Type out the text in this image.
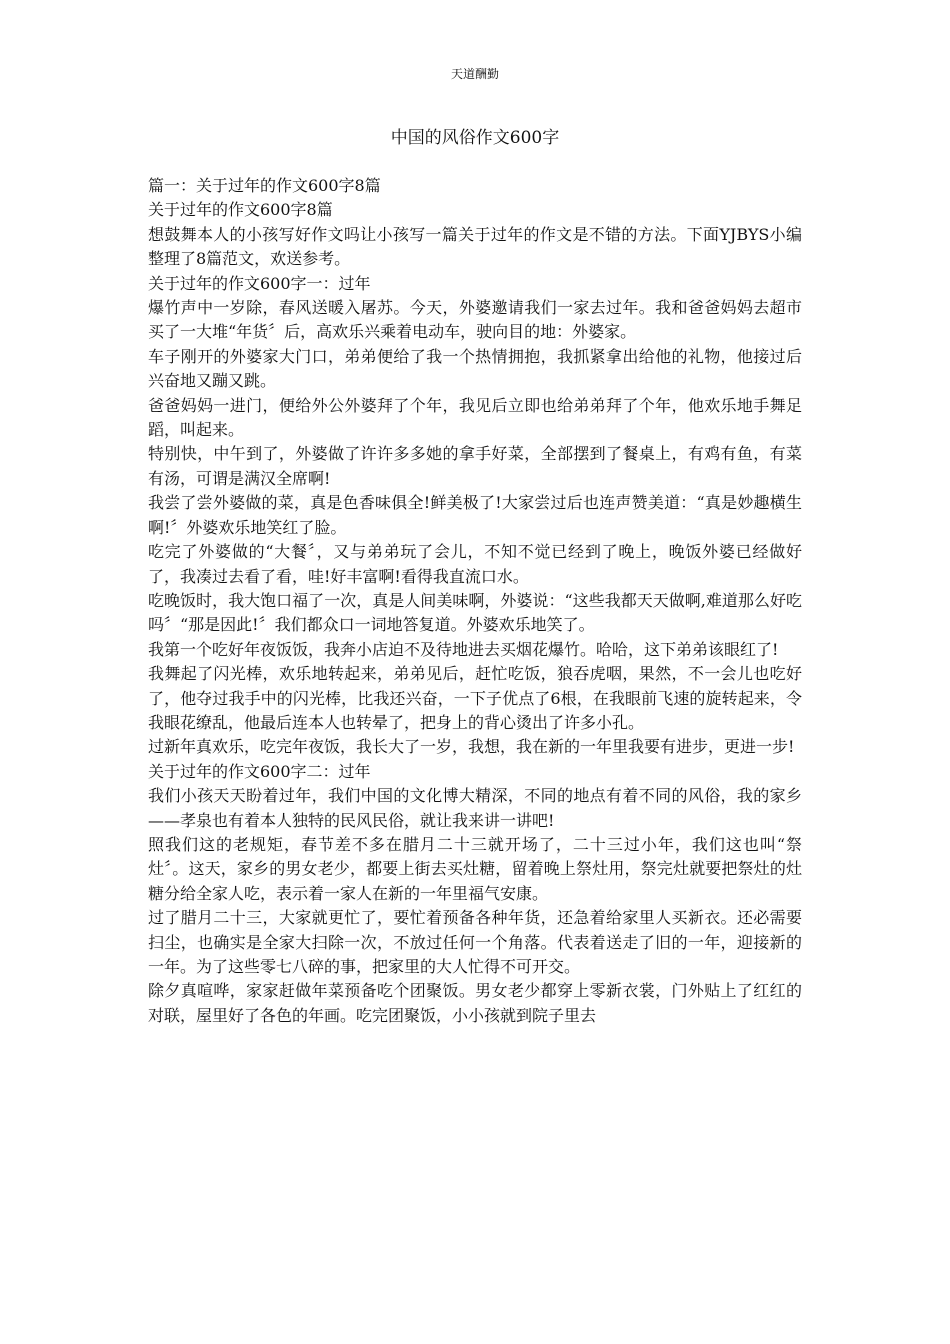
天道酬勤
中国的风俗作文600字

篇一：关于过年的作文600字8篇

关于过年的作文600字8篇

想鼓舞本人的小孩写好作文吗让小孩写一篇关于过年的作文是不错的方法。下面YJBYS小编整理了8篇范文，欢送参考。

关于过年的作文600字一：过年

爆竹声中一岁除，春风送暖入屠苏。今天，外婆邀请我们一家去过年。我和爸爸妈妈去超市买了一大堆“年货〞后，高欢乐兴乘着电动车，驶向目的地：外婆家。

车子刚开的外婆家大门口，弟弟便给了我一个热情拥抱，我抓紧拿出给他的礼物，他接过后兴奋地又蹦又跳。

爸爸妈妈一进门，便给外公外婆拜了个年，我见后立即也给弟弟拜了个年，他欢乐地手舞足蹈，叫起来。

特别快，中午到了，外婆做了许许多多她的拿手好菜，全部摆到了餐桌上，有鸡有鱼，有菜有汤，可谓是满汉全席啊!

我尝了尝外婆做的菜，真是色香味俱全!鲜美极了!大家尝过后也连声赞美道：“真是妙趣横生啊!〞外婆欢乐地笑红了脸。

吃完了外婆做的“大餐〞，又与弟弟玩了会儿，不知不觉已经到了晚上，晚饭外婆已经做好了，我凑过去看了看，哇!好丰富啊!看得我直流口水。

吃晚饭时，我大饱口福了一次，真是人间美味啊，外婆说：“这些我都天天做啊,难道那么好吃吗〞“那是因此!〞我们都众口一词地答复道。外婆欢乐地笑了。

我第一个吃好年夜饭饭，我奔小店迫不及待地进去买烟花爆竹。哈哈，这下弟弟该眼红了!

我舞起了闪光棒，欢乐地转起来，弟弟见后，赶忙吃饭，狼吞虎咽，果然，不一会儿也吃好了，他夺过我手中的闪光棒，比我还兴奋，一下子优点了6根，在我眼前飞速的旋转起来，令我眼花缭乱，他最后连本人也转晕了，把身上的背心烫出了许多小孔。

过新年真欢乐，吃完年夜饭，我长大了一岁，我想，我在新的一年里我要有进步，更进一步!

关于过年的作文600字二：过年

我们小孩天天盼着过年，我们中国的文化博大精深，不同的地点有着不同的风俗，我的家乡——孝泉也有着本人独特的民风民俗，就让我来讲一讲吧!

照我们这的老规矩，春节差不多在腊月二十三就开场了，二十三过小年，我们这也叫“祭灶〞。这天，家乡的男女老少，都要上街去买灶糖，留着晚上祭灶用，祭完灶就要把祭灶的灶糖分给全家人吃，表示着一家人在新的一年里福气安康。

过了腊月二十三，大家就更忙了，要忙着预备各种年货，还急着给家里人买新衣。还必需要扫尘，也确实是全家大扫除一次，不放过任何一个角落。代表着送走了旧的一年，迎接新的一年。为了这些零七八碎的事，把家里的大人忙得不可开交。

除夕真喧哗，家家赶做年菜预备吃个团聚饭。男女老少都穿上零新衣裳，门外贴上了红红的对联，屋里好了各色的年画。吃完团聚饭，小小孩就到院子里去
